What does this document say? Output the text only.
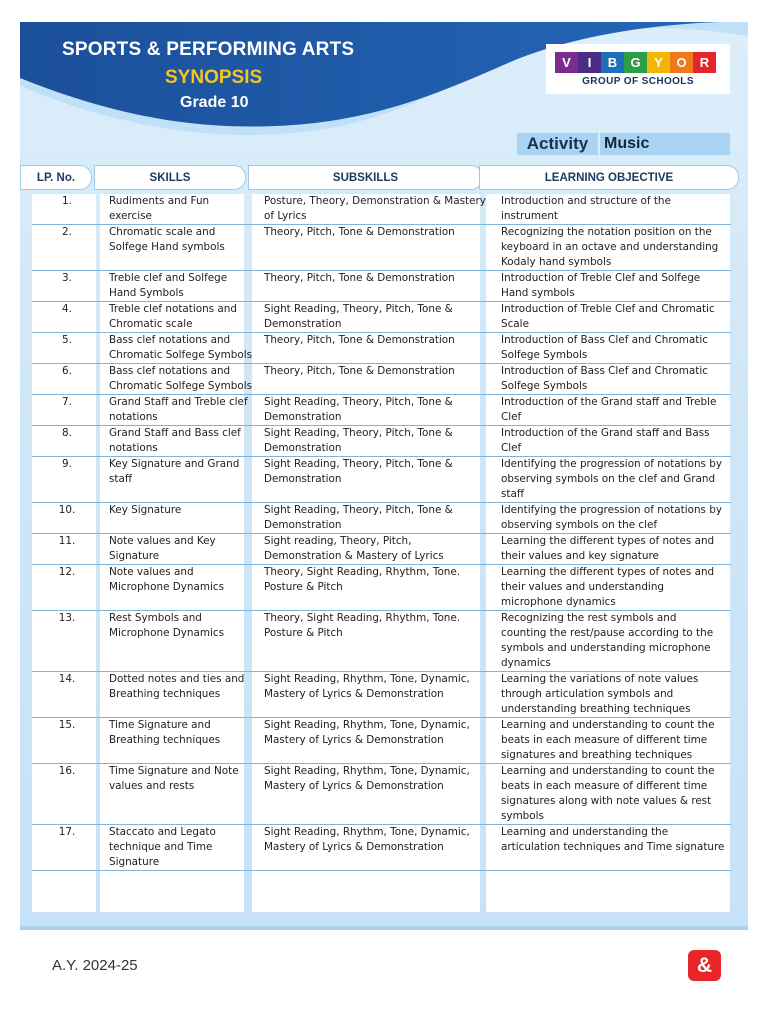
SPORTS & PERFORMING ARTS
SYNOPSIS
Grade 10
V	I	B	G	Y	O	R
GROUP OF SCHOOLS
Activity Music
LP. No.	SKILLS	SUBSKILLS	LEARNING OBJECTIVE
1.	Rudiments and Fun exercise	Posture, Theory, Demonstration & Mastery of Lyrics	Introduction and structure of the instrument

2.	Chromatic scale and Solfege Hand symbols	Theory, Pitch, Tone & Demonstration	Recognizing the notation position on the keyboard in an octave and understanding Kodaly hand symbols

3.	Treble clef and Solfege Hand Symbols	Theory, Pitch, Tone & Demonstration	Introduction of Treble Clef and Solfege Hand symbols

4.	Treble clef notations and Chromatic scale	Sight Reading, Theory, Pitch, Tone & Demonstration	Introduction of Treble Clef and Chromatic Scale

5.	Bass clef notations and Chromatic Solfege Symbols	Theory, Pitch, Tone & Demonstration	Introduction of Bass Clef and Chromatic Solfege Symbols

6.	Bass clef notations and Chromatic Solfege Symbols	Theory, Pitch, Tone & Demonstration	Introduction of Bass Clef and Chromatic Solfege Symbols

7.	Grand Staff and Treble clef notations	Sight Reading, Theory, Pitch, Tone & Demonstration	Introduction of the Grand staff and Treble Clef

8.	Grand Staff and Bass clef notations	Sight Reading, Theory, Pitch, Tone & Demonstration	Introduction of the Grand staff and Bass Clef

9.	Key Signature and Grand staff	Sight Reading, Theory, Pitch, Tone & Demonstration	Identifying the progression of notations by observing symbols on the clef and Grand staff

10.	Key Signature	Sight Reading, Theory, Pitch, Tone & Demonstration	Identifying the progression of notations by observing symbols on the clef

11.	Note values and Key Signature	Sight reading, Theory, Pitch, Demonstration & Mastery of Lyrics	Learning the different types of notes and their values and key signature

12.	Note values and Microphone Dynamics	Theory, Sight Reading, Rhythm, Tone. Posture & Pitch	Learning the different types of notes and their values and understanding microphone dynamics

13.	Rest Symbols and Microphone Dynamics	Theory, Sight Reading, Rhythm, Tone. Posture & Pitch	Recognizing the rest symbols and counting the rest/pause according to the symbols and understanding microphone dynamics

14.	Dotted notes and ties and Breathing techniques	Sight Reading, Rhythm, Tone, Dynamic, Mastery of Lyrics & Demonstration	Learning the variations of note values through articulation symbols and understanding breathing techniques

15.	Time Signature and Breathing techniques	Sight Reading, Rhythm, Tone, Dynamic, Mastery of Lyrics & Demonstration	Learning and understanding to count the beats in each measure of different time signatures and breathing techniques

16.	Time Signature and Note values and rests	Sight Reading, Rhythm, Tone, Dynamic, Mastery of Lyrics & Demonstration	Learning and understanding to count the beats in each measure of different time signatures along with note values & rest symbols

17.	Staccato and Legato technique and Time Signature	Sight Reading, Rhythm, Tone, Dynamic, Mastery of Lyrics & Demonstration	Learning and understanding the articulation techniques and Time signature
A.Y. 2024-25	&
